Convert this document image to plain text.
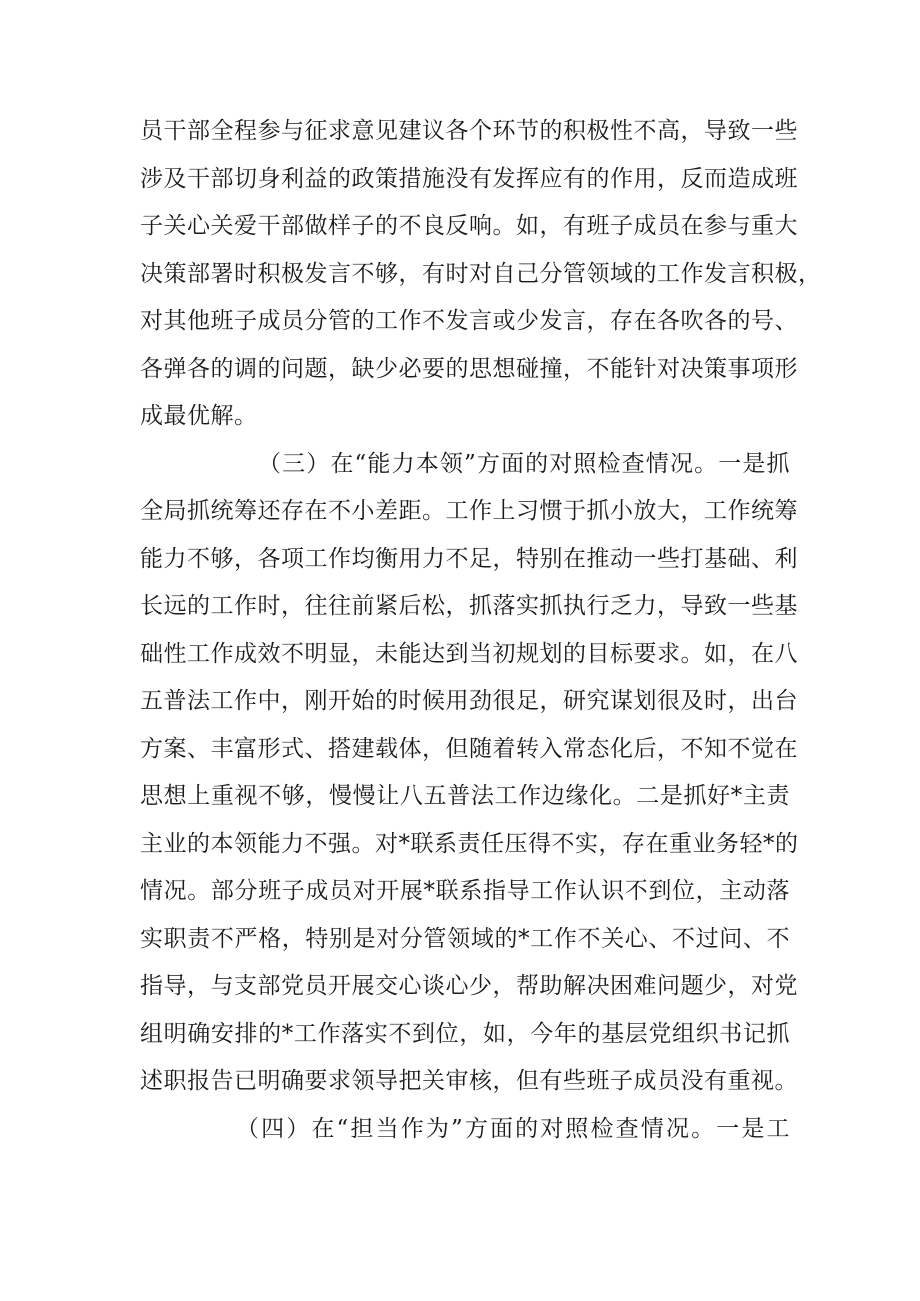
员干部全程参与征求意见建议各个环节的积极性不高，导致一些
涉及干部切身利益的政策措施没有发挥应有的作用，反而造成班
子关心关爱干部做样子的不良反响。如，有班子成员在参与重大
决策部署时积极发言不够，有时对自己分管领域的工作发言积极，
对其他班子成员分管的工作不发言或少发言，存在各吹各的号、
各弹各的调的问题，缺少必要的思想碰撞，不能针对决策事项形
成最优解。
（三）在“能力本领”方面的对照检查情况。一是抓
全局抓统筹还存在不小差距。工作上习惯于抓小放大，工作统筹
能力不够，各项工作均衡用力不足，特别在推动一些打基础、利
长远的工作时，往往前紧后松，抓落实抓执行乏力，导致一些基
础性工作成效不明显，未能达到当初规划的目标要求。如，在八
五普法工作中，刚开始的时候用劲很足，研究谋划很及时，出台
方案、丰富形式、搭建载体，但随着转入常态化后，不知不觉在
思想上重视不够，慢慢让八五普法工作边缘化。二是抓好*主责
主业的本领能力不强。对*联系责任压得不实，存在重业务轻*的
情况。部分班子成员对开展*联系指导工作认识不到位，主动落
实职责不严格，特别是对分管领域的*工作不关心、不过问、不
指导，与支部党员开展交心谈心少，帮助解决困难问题少，对党
组明确安排的*工作落实不到位，如，今年的基层党组织书记抓
述职报告已明确要求领导把关审核，但有些班子成员没有重视。
（四）在“担当作为”方面的对照检查情况。一是工
